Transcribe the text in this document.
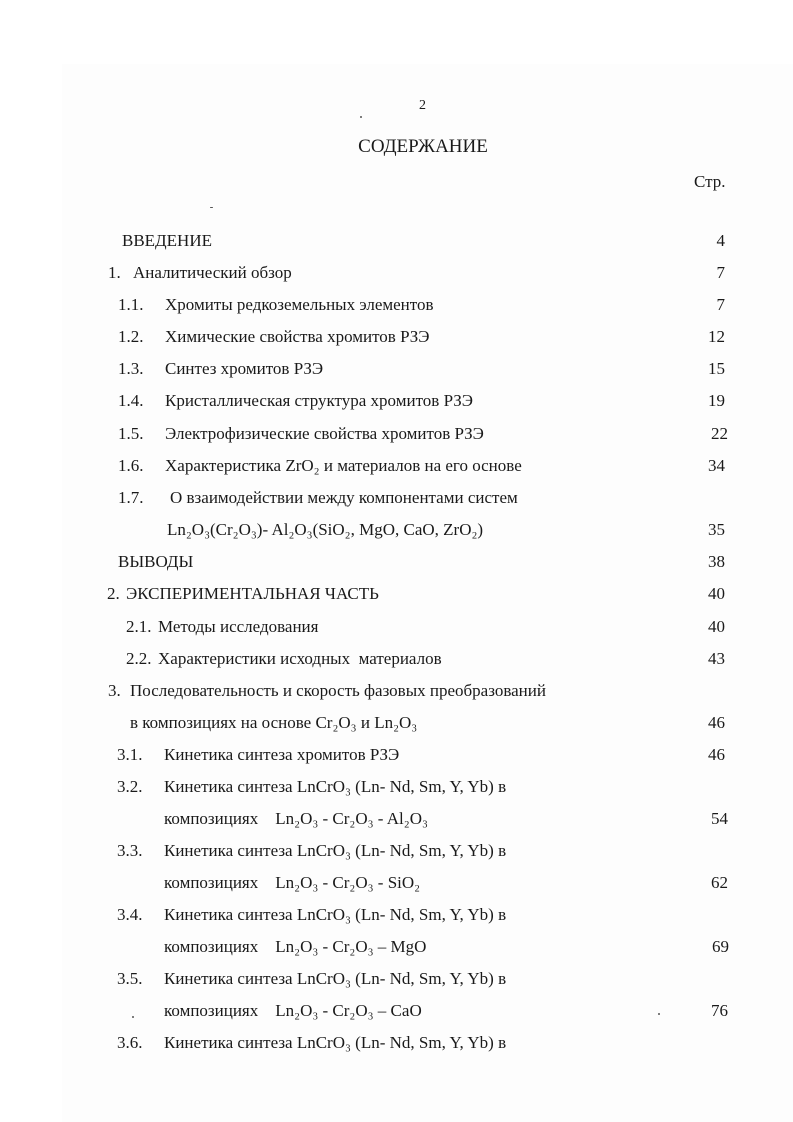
2
СОДЕРЖАНИЕ
Стр.
ВВЕДЕНИЕ	4
1. Аналитический обзор	7
1.1. Хромиты редкоземельных элементов	7
1.2. Химические свойства хромитов РЗЭ	12
1.3. Синтез хромитов РЗЭ	15
1.4. Кристаллическая структура хромитов РЗЭ	19
1.5. Электрофизические свойства хромитов РЗЭ	22
1.6. Характеристика ZrO₂ и материалов на его основе	34
1.7. О взаимодействии между компонентами систем
Ln₂O₃(Cr₂O₃)- Al₂O₃(SiO₂, MgO, CaO, ZrO₂)	35
ВЫВОДЫ	38
2. ЭКСПЕРИМЕНТАЛЬНАЯ ЧАСТЬ	40
2.1. Методы исследования	40
2.2. Характеристики исходных  материалов	43
3. Последовательность и скорость фазовых преобразований
в композициях на основе Cr₂O₃ и Ln₂O₃	46
3.1. Кинетика синтеза хромитов РЗЭ	46
3.2. Кинетика синтеза LnCrO₃ (Ln- Nd, Sm, Y, Yb) в
композициях    Ln₂O₃ - Cr₂O₃ - Al₂O₃	54
3.3. Кинетика синтеза LnCrO₃ (Ln- Nd, Sm, Y, Yb) в
композициях    Ln₂O₃ - Cr₂O₃ - SiO₂	62
3.4. Кинетика синтеза LnCrO₃ (Ln- Nd, Sm, Y, Yb) в
композициях    Ln₂O₃ - Cr₂O₃ – MgO	69
3.5. Кинетика синтеза LnCrO₃ (Ln- Nd, Sm, Y, Yb) в
композициях    Ln₂O₃ - Cr₂O₃ – CaO	76
3.6. Кинетика синтеза LnCrO₃ (Ln- Nd, Sm, Y, Yb) в
